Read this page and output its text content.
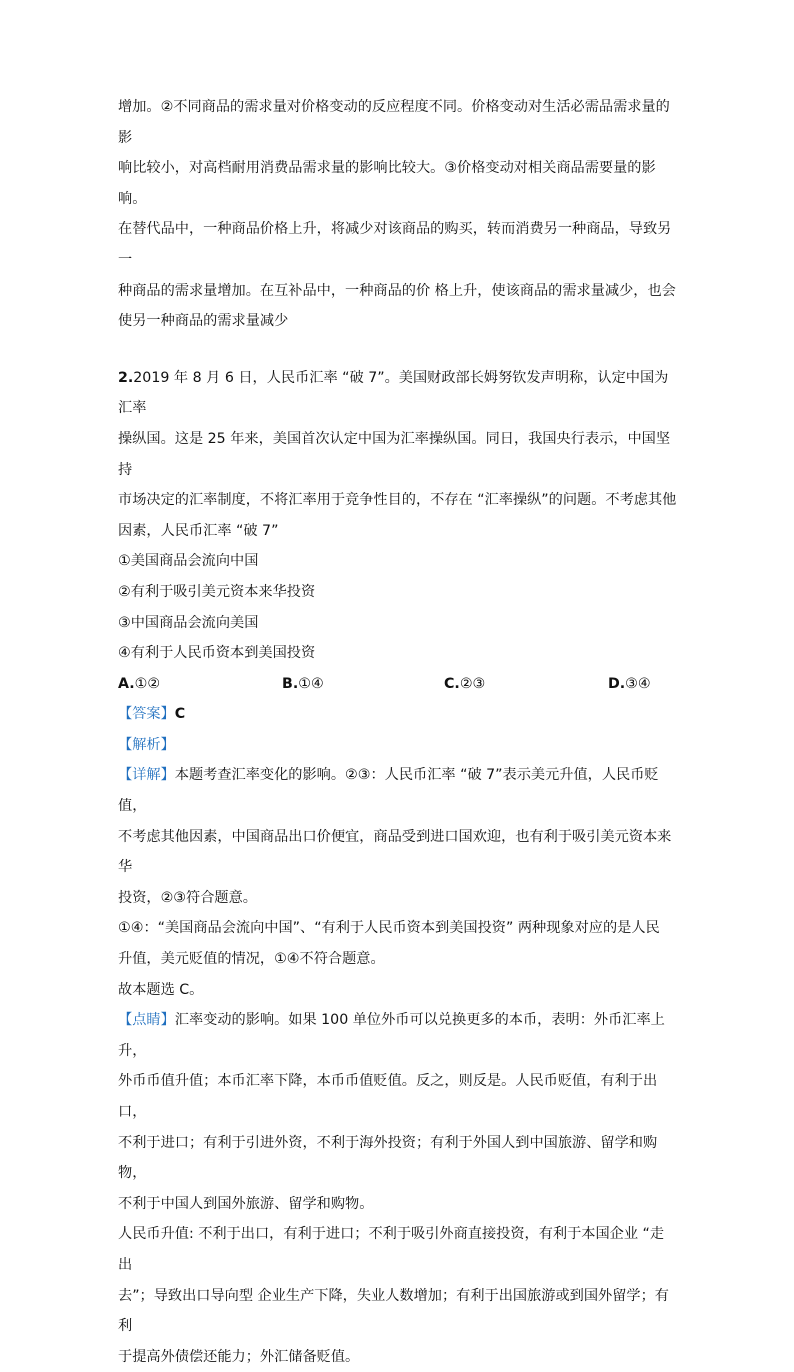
增加。②不同商品的需求量对价格变动的反应程度不同。价格变动对生活必需品需求量的影

响比较小，对高档耐用消费品需求量的影响比较大。③价格变动对相关商品需要量的影响。

在替代品中，一种商品价格上升，将减少对该商品的购买，转而消费另一种商品，导致另一

种商品的需求量增加。在互补品中，一种商品的价 格上升，使该商品的需求量减少，也会

使另一种商品的需求量减少

2.2019 年 8 月 6 日，人民币汇率 “破 7”。美国财政部长姆努钦发声明称，认定中国为汇率

操纵国。这是 25 年来，美国首次认定中国为汇率操纵国。同日，我国央行表示，中国坚持

市场决定的汇率制度，不将汇率用于竞争性目的，不存在 “汇率操纵”的问题。不考虑其他

因素，人民币汇率 “破 7”

①美国商品会流向中国

②有利于吸引美元资本来华投资

③中国商品会流向美国

④有利于人民币资本到美国投资

A.①②	B.①④	C.②③	D.③④

【答案】C

【解析】

【详解】本题考查汇率变化的影响。②③：人民币汇率 “破 7”表示美元升值，人民币贬值，

不考虑其他因素，中国商品出口价便宜，商品受到进口国欢迎，也有利于吸引美元资本来华

投资，②③符合题意。

①④：“美国商品会流向中国”、“有利于人民币资本到美国投资” 两种现象对应的是人民

升值，美元贬值的情况，①④不符合题意。

故本题选 C。

【点睛】汇率变动的影响。如果 100 单位外币可以兑换更多的本币，表明：外币汇率上升，

外币币值升值；本币汇率下降，本币币值贬值。反之，则反是。人民币贬值，有利于出口，

不利于进口；有利于引进外资，不利于海外投资；有利于外国人到中国旅游、留学和购物，

不利于中国人到国外旅游、留学和购物。

人民币升值: 不利于出口，有利于进口；不利于吸引外商直接投资，有利于本国企业 “走出

去”；导致出口导向型 企业生产下降，失业人数增加；有利于出国旅游或到国外留学；有利

于提高外债偿还能力；外汇储备贬值。
